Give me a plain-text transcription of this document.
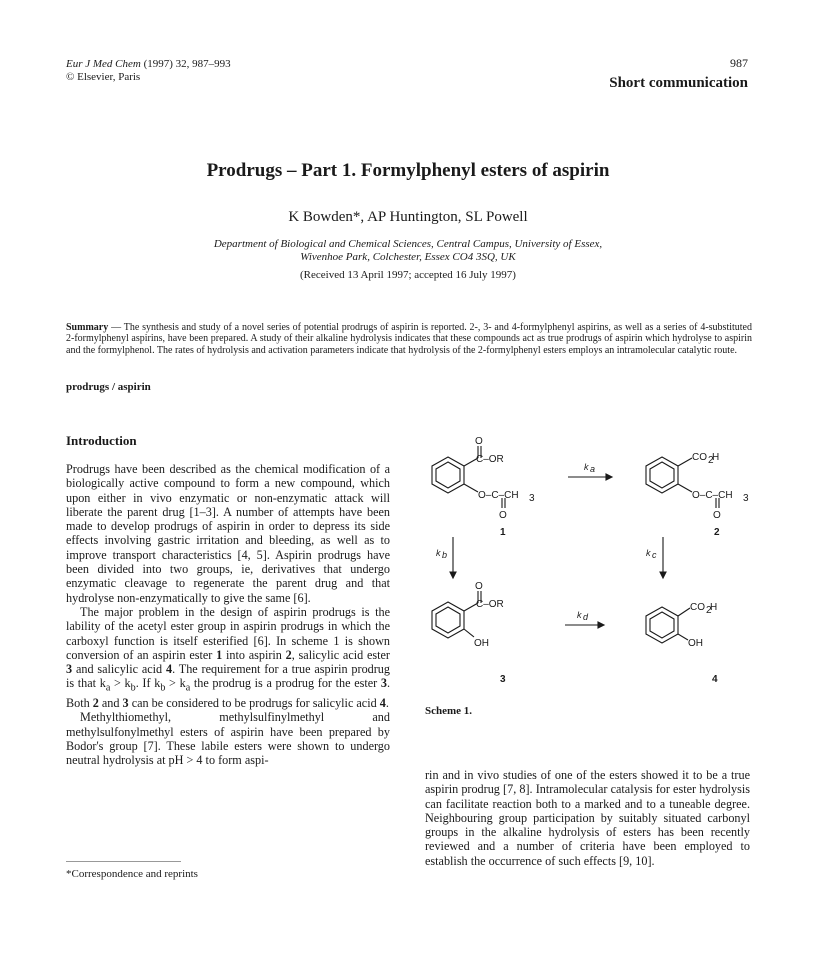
Eur J Med Chem (1997) 32, 987–993
© Elsevier, Paris
987
Short communication
Prodrugs – Part 1. Formylphenyl esters of aspirin
K Bowden*, AP Huntington, SL Powell
Department of Biological and Chemical Sciences, Central Campus, University of Essex,
Wivenhoe Park, Colchester, Essex CO4 3SQ, UK
(Received 13 April 1997; accepted 16 July 1997)
Summary — The synthesis and study of a novel series of potential prodrugs of aspirin is reported. 2-, 3- and 4-formylphenyl aspirins, as well as a series of 4-substituted 2-formylphenyl aspirins, have been prepared. A study of their alkaline hydrolysis indicates that these compounds act as true prodrugs of aspirin which hydrolyse to aspirin and the formylphenol. The rates of hydrolysis and activation parameters indicate that hydrolysis of the 2-formylphenyl esters employs an intramolecular catalytic route.
prodrugs / aspirin
Introduction

Prodrugs have been described as the chemical modification of a biologically active compound to form a new compound, which upon either in vivo enzymatic or non-enzymatic attack will liberate the parent drug [1–3]. A number of attempts have been made to develop prodrugs of aspirin in order to depress its side effects involving gastric irritation and bleeding, as well as to improve transport characteristics [4, 5]. Aspirin prodrugs have been divided into two groups, ie, derivatives that undergo enzymatic cleavage to regenerate the parent drug and that hydrolyse non-enzymatically to give the same [6].

The major problem in the design of aspirin prodrugs is the lability of the acetyl ester group in aspirin prodrugs in which the carboxyl function is itself esterified [6]. In scheme 1 is shown conversion of an aspirin ester 1 into aspirin 2, salicylic acid ester 3 and salicylic acid 4. The requirement for a true aspirin prodrug is that $k_a > k_b$. If $k_b > k_a$ the prodrug is a prodrug for the ester 3. Both 2 and 3 can be considered to be prodrugs for salicylic acid 4.

Methylthiomethyl, methylsulfinylmethyl and methylsulfonylmethyl esters of aspirin have been prepared by Bodor's group [7]. These labile esters were shown to undergo neutral hydrolysis at pH > 4 to form aspi-

O
C–OR
O–C–CH 3
O
1
k a
CO 2
H
O–C–CH 3
O
2
k b	k c
O
C–OR
OH
3
k d
CO 2
H
OH
4
Scheme 1.
rin and in vivo studies of one of the esters showed it to be a true aspirin prodrug [7, 8]. Intramolecular catalysis for ester hydrolysis can facilitate reaction both to a marked and to a tuneable degree. Neighbouring group participation by suitably situated carbonyl groups in the alkaline hydrolysis of esters has been recently reviewed and a number of criteria have been employed to establish the occurrence of such effects [9, 10].
*Correspondence and reprints
